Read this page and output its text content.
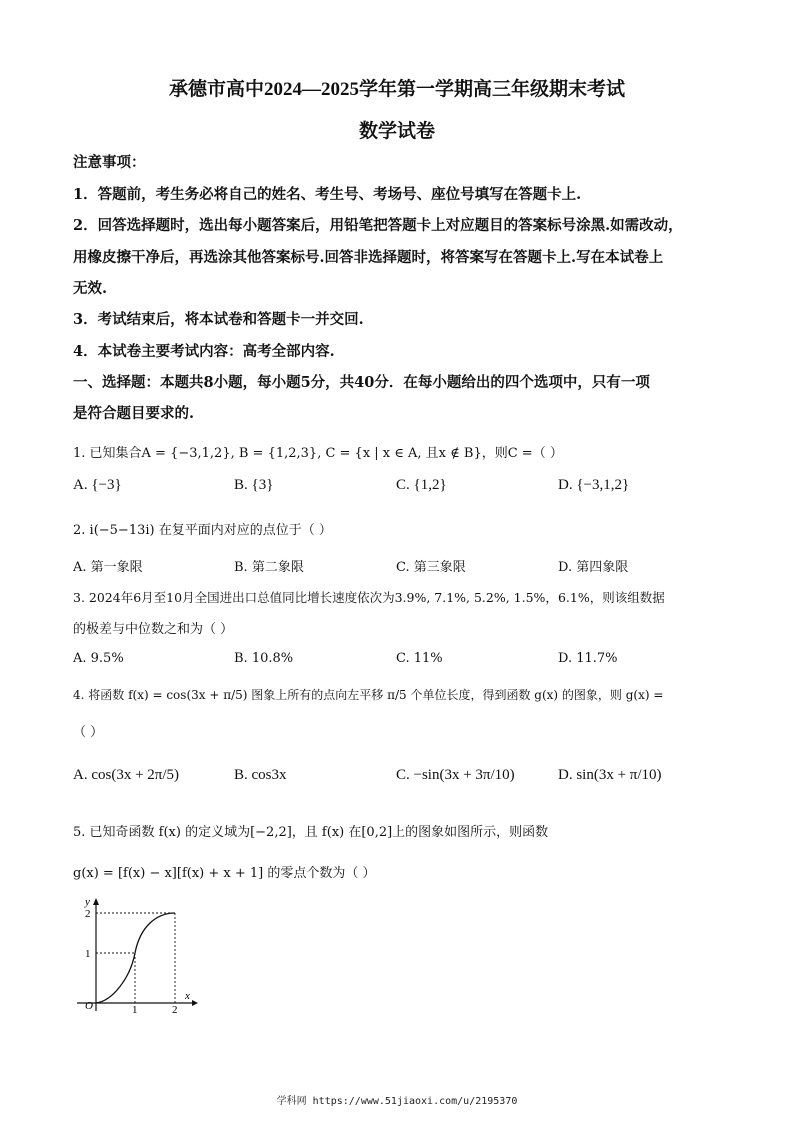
承德市高中2024—2025学年第一学期高三年级期末考试
数学试卷
注意事项：
1．答题前，考生务必将自己的姓名、考生号、考场号、座位号填写在答题卡上.
2．回答选择题时，选出每小题答案后，用铅笔把答题卡上对应题目的答案标号涂黑.如需改动，
用橡皮擦干净后，再选涂其他答案标号.回答非选择题时，将答案写在答题卡上.写在本试卷上
无效.
3．考试结束后，将本试卷和答题卡一并交回.
4．本试卷主要考试内容：高考全部内容.
一、选择题：本题共8小题，每小题5分，共40分．在每小题给出的四个选项中，只有一项
是符合题目要求的.
1. 已知集合A = {−3,1,2}, B = {1,2,3}, C = {x | x ∈ A, 且x ∉ B}，则C =（ ）
A. {−3}	B. {3}	C. {1,2}	D. {−3,1,2}
2. i(−5−13i) 在复平面内对应的点位于（ ）
A. 第一象限	B. 第二象限	C. 第三象限	D. 第四象限
3. 2024年6月至10月全国进出口总值同比增长速度依次为3.9%, 7.1%, 5.2%, 1.5%，6.1%，则该组数据
的极差与中位数之和为（ ）
A. 9.5%	B. 10.8%	C. 11%	D. 11.7%
4. 将函数 f(x) = cos(3x + π/5) 图象上所有的点向左平移 π/5 个单位长度，得到函数 g(x) 的图象，则 g(x) =
（ ）
A. cos(3x + 2π/5)	B. cos3x	C. −sin(3x + 3π/10)	D. sin(3x + π/10)
5. 已知奇函数 f(x) 的定义域为[−2,2]，且 f(x) 在[0,2]上的图象如图所示，则函数
g(x) = [f(x) − x][f(x) + x + 1] 的零点个数为（ ）
y
x
O
2
1
1	2
学科网 https://www.51jiaoxi.com/u/2195370
